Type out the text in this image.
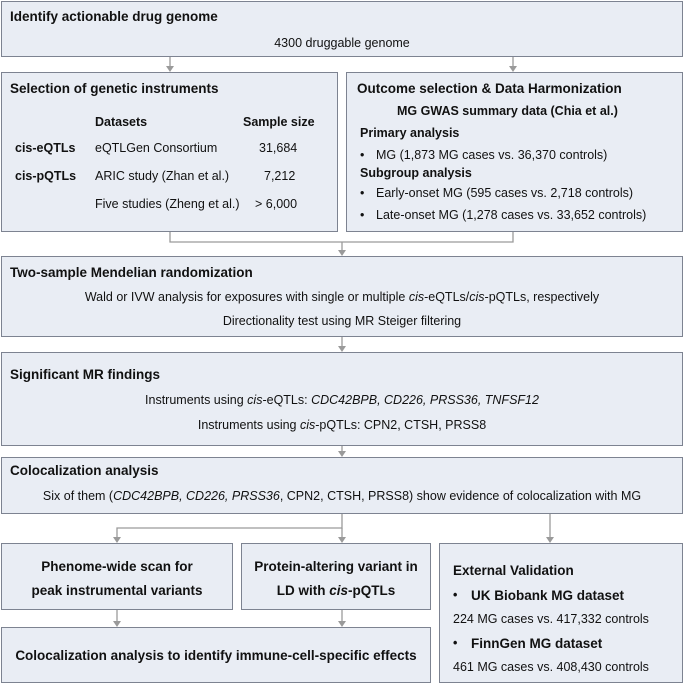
Identify actionable drug genome
4300 druggable genome
Selection of genetic instruments
Datasets	Sample size
cis-eQTLs eQTLGen Consortium	31,684
cis-pQTLs ARIC study (Zhan et al.)	7,212
Five studies (Zheng et al.) > 6,000
Outcome selection & Data Harmonization
MG GWAS summary data (Chia et al.)
Primary analysis
• MG (1,873 MG cases vs. 36,370 controls)
Subgroup analysis
• Early-onset MG (595 cases vs. 2,718 controls)
• Late-onset MG (1,278 cases vs. 33,652 controls)
Two-sample Mendelian randomization
Wald or IVW analysis for exposures with single or multiple cis-eQTLs/cis-pQTLs, respectively
Directionality test using MR Steiger filtering
Significant MR findings
Instruments using cis-eQTLs: CDC42BPB, CD226, PRSS36, TNFSF12
Instruments using cis-pQTLs: CPN2, CTSH, PRSS8
Colocalization analysis
Six of them (CDC42BPB, CD226, PRSS36, CPN2, CTSH, PRSS8) show evidence of colocalization with MG
Phenome-wide scan for
peak instrumental variants
Protein-altering variant in
LD with cis-pQTLs
Colocalization analysis to identify immune-cell-specific effects
External Validation
• UK Biobank MG dataset
224 MG cases vs. 417,332 controls
• FinnGen MG dataset
461 MG cases vs. 408,430 controls
